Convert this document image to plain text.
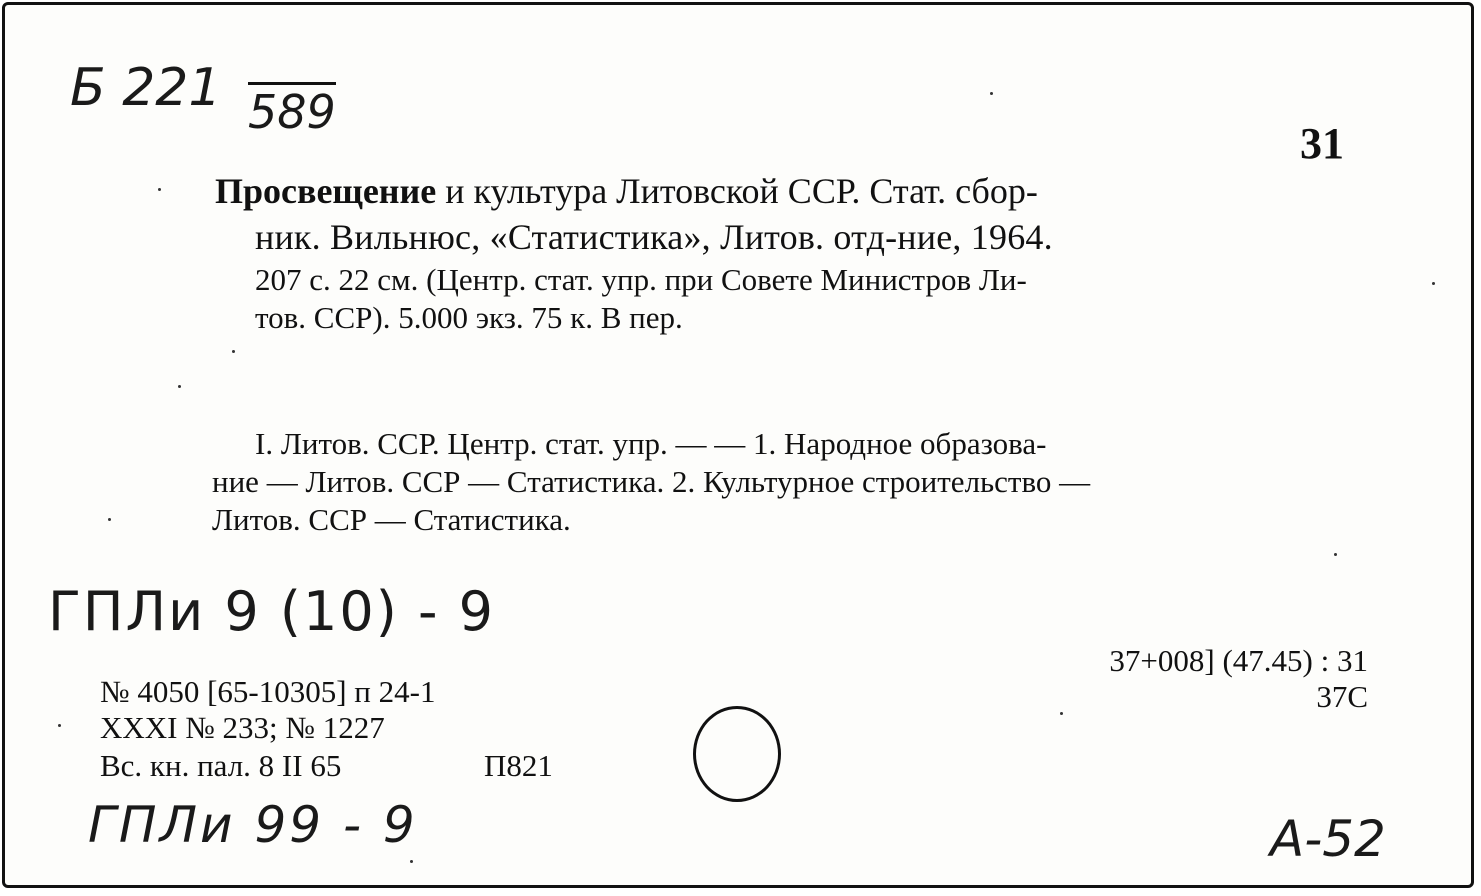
Б 221 589
31
Просвещение и культура Литовской ССР. Стат. сбор-
ник. Вильнюс, «Статистика», Литов. отд-ние, 1964.
207 с. 22 см. (Центр. стат. упр. при Совете Министров Ли-
тов. ССР). 5.000 экз. 75 к. В пер.
I. Литов. ССР. Центр. стат. упр. — — 1. Народное образова-
ние — Литов. ССР — Статистика. 2. Культурное строительство —
Литов. ССР — Статистика.
ГПЛи 9 (10) - 9
37+008] (47.45) : 31
37С
№ 4050 [65-10305] п 24-1
XXXI № 233; № 1227
Вс. кн. пал. 8 II 65	П821
ГПЛи 99 - 9	A-52
